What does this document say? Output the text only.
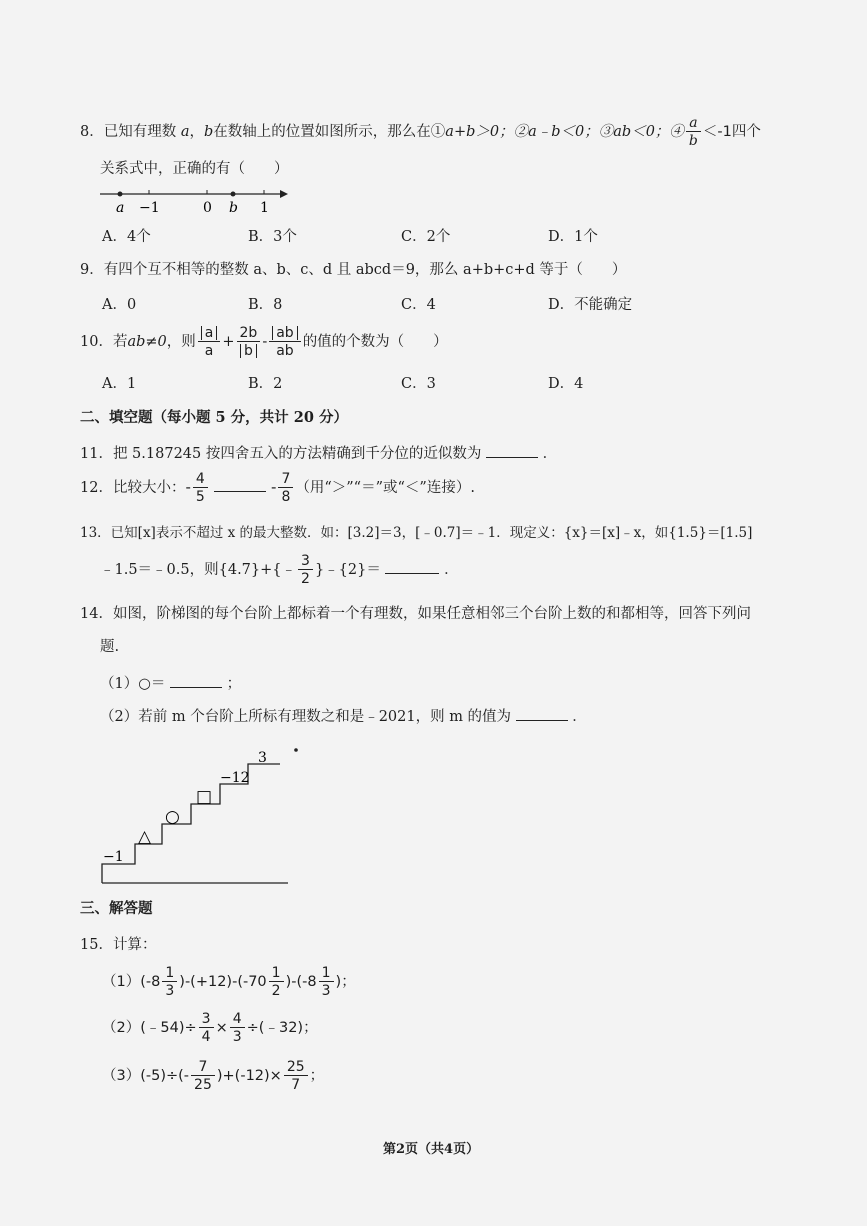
8．已知有理数 a，b在数轴上的位置如图所示，那么在①a+b＞0；②a﹣b＜0；③ab＜0；④ $\frac{a}{b} <-1$四个
关系式中，正确的有（　　）
a −1	0 b 1
A．4个	B．3个	C．2个	D．1个
9．有四个互不相等的整数 a、b、c、d 且 abcd＝9，那么 a+b+c+d 等于（　　）
A．0	B．8	C．4	D．不能确定
10．若ab≠0，则 $\frac{a}{a} + \frac{2b}{b} - \frac{ab}{ab}$ 的值的个数为（　　）
A．1	B．2	C．3	D．4
二、填空题（每小题 5 分，共计 20 分）
11．把 5.187245 按四舍五入的方法精确到千分位的近似数为	．
12．比较大小：- $\frac{4}{5}$	- $\frac{7}{8}$ （用“＞”“＝”或“＜”连接）.
13．已知[x]表示不超过 x 的最大整数．如：[3.2]＝3，[﹣0.7]＝﹣1．现定义：{x}＝[x]﹣x，如{1.5}＝[1.5]
﹣1.5＝﹣0.5，则{4.7}+{﹣ $\frac{3}{2}$ }﹣{2}＝	．
14．如图，阶梯图的每个台阶上都标着一个有理数，如果任意相邻三个台阶上数的和都相等，回答下列问
题.
（1）○＝	；
（2）若前 m 个台阶上所标有理数之和是﹣2021，则 m 的值为	．
−1
△
○
□
−12
3
三、解答题
15．计算：
$(1)(-8 \frac{1}{3} )-(+12)-(-70 \frac{1}{2} )-(-8 \frac{1}{3}$ )；
（2）(﹣54)÷ $\frac{3}{4} \times \frac{4}{3}$ ÷(﹣32)；
$(3)(-5)\div(- \frac{7}{25} )+(-12)\times \frac{25}{7}$ ；
第2页（共4页）
